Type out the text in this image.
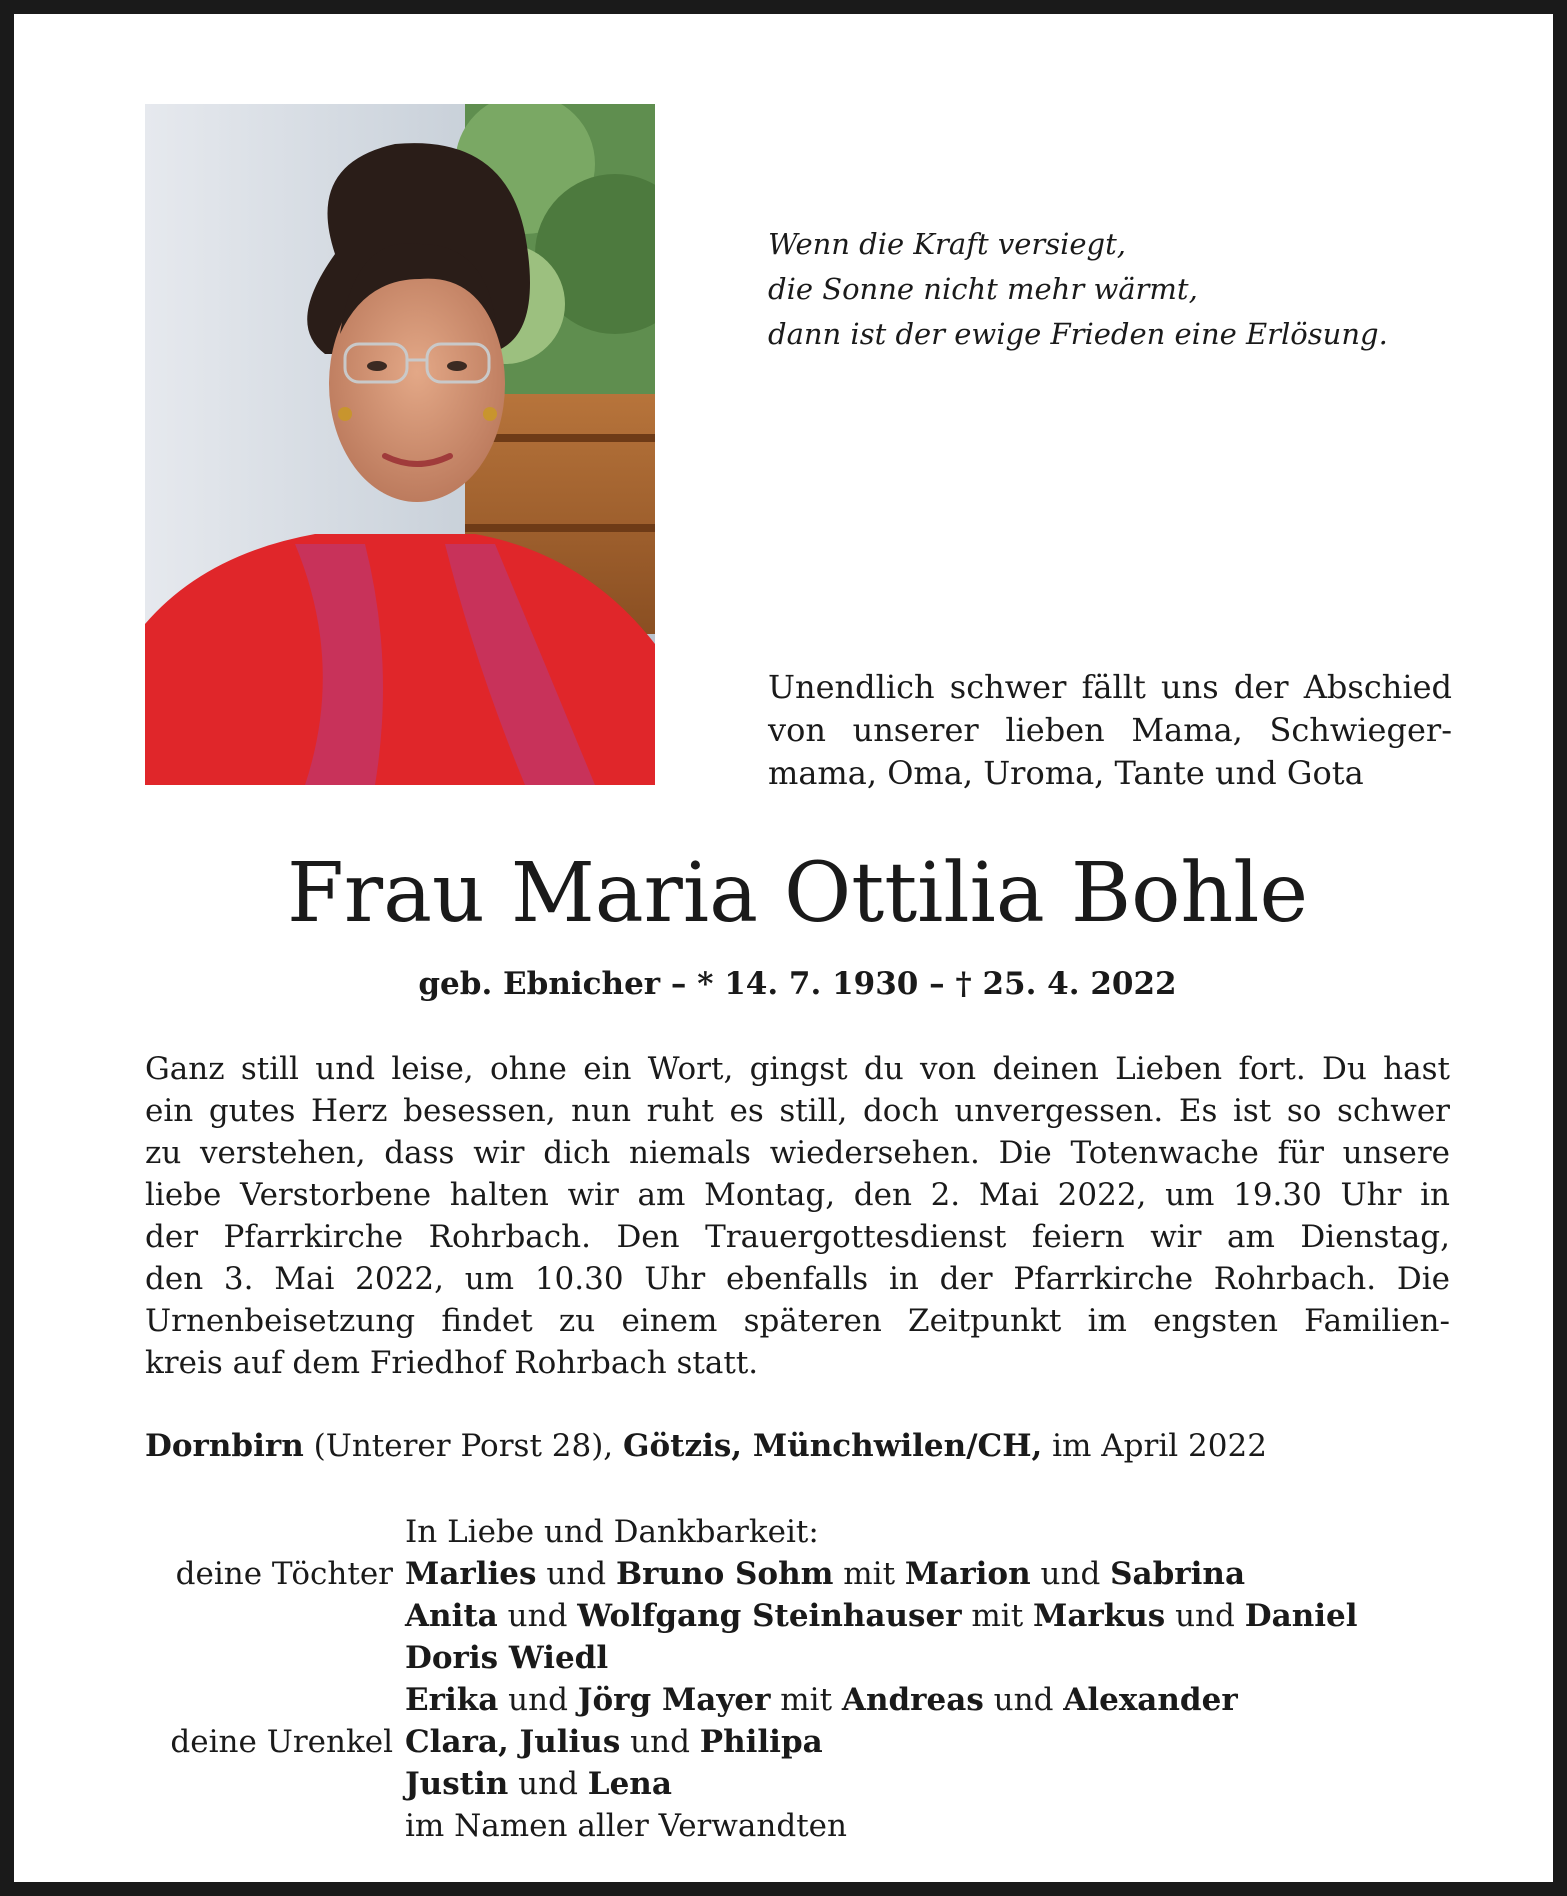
Wenn die Kraft versiegt,
die Sonne nicht mehr wärmt,
dann ist der ewige Frieden eine Erlösung.
Unendlich schwer fällt uns der Abschied
von unserer lieben Mama, Schwieger-
mama, Oma, Uroma, Tante und Gota
Frau Maria Ottilia Bohle
geb. Ebnicher – * 14. 7. 1930 – † 25. 4. 2022
Ganz still und leise, ohne ein Wort, gingst du von deinen Lieben fort. Du hast
ein gutes Herz besessen, nun ruht es still, doch unvergessen. Es ist so schwer
zu verstehen, dass wir dich niemals wiedersehen. Die Totenwache für unsere
liebe Verstorbene halten wir am Montag, den 2. Mai 2022, um 19.30 Uhr in
der Pfarrkirche Rohrbach. Den Trauergottesdienst feiern wir am Dienstag,
den 3. Mai 2022, um 10.30 Uhr ebenfalls in der Pfarrkirche Rohrbach. Die
Urnenbeisetzung findet zu einem späteren Zeitpunkt im engsten Familien-
kreis auf dem Friedhof Rohrbach statt.
Dornbirn (Unterer Porst 28), Götzis, Münchwilen/CH, im April 2022
In Liebe und Dankbarkeit:
deine Töchter Marlies und Bruno Sohm mit Marion und Sabrina
Anita und Wolfgang Steinhauser mit Markus und Daniel
Doris Wiedl
Erika und Jörg Mayer mit Andreas und Alexander
deine Urenkel Clara, Julius und Philipa
Justin und Lena
im Namen aller Verwandten
